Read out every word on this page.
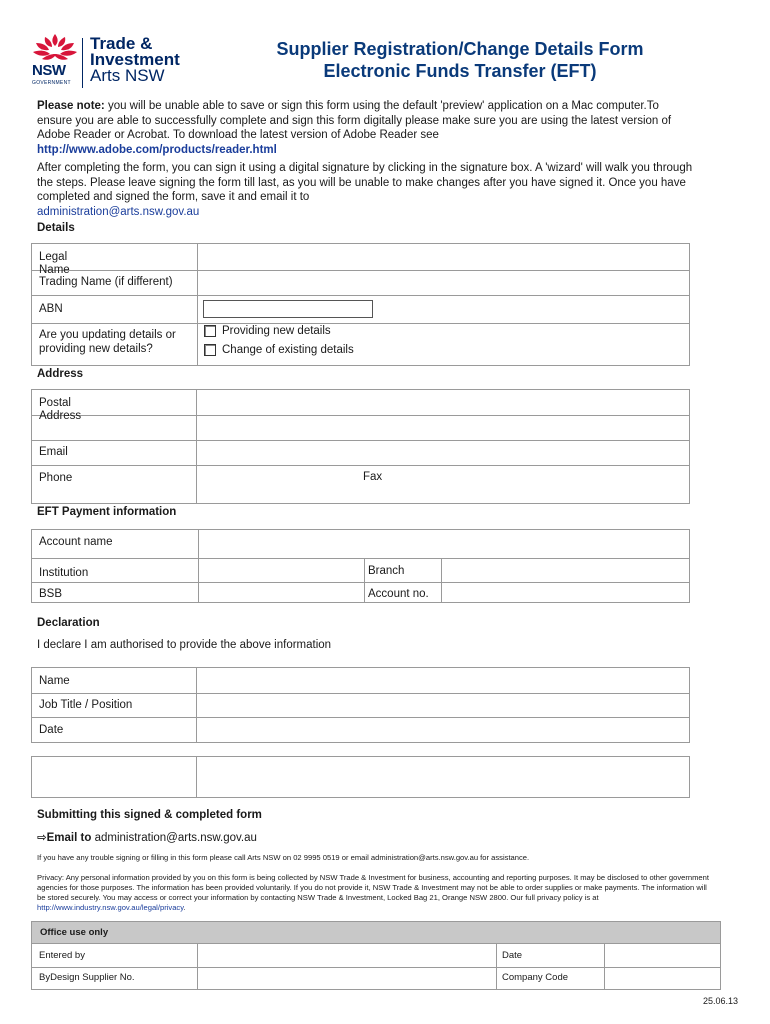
NSW
GOVERNMENT
Trade &
Investment
Arts NSW
Supplier Registration/Change Details Form
Electronic Funds Transfer (EFT)
Please note: you will be unable able to save or sign this form using the default 'preview' application on a Mac computer.To ensure you are able to successfully complete and sign this form digitally please make sure you are using the latest version of Adobe Reader or Acrobat. To download the latest version of Adobe Reader see
http://www.adobe.com/products/reader.html
After completing the form, you can sign it using a digital signature by clicking in the signature box. A 'wizard' will walk you through the steps. Please leave signing the form till last, as you will be unable to make changes after you have signed it. Once you have completed and signed the form, save it and email it to
administration@arts.nsw.gov.au
Details
Legal Name
Trading Name (if different)
ABN
Are you updating details or providing new details?
Providing new details
Change of existing details
Address
Postal Address
Email
Phone	Fax
EFT Payment information
Account name
Institution	Branch
BSB	Account no.
Declaration
I declare I am authorised to provide the above information
Name
Job Title / Position
Date
Submitting this signed & completed form
⇨Email to administration@arts.nsw.gov.au
If you have any trouble signing or filling in this form please call Arts NSW on 02 9995 0519 or email administration@arts.nsw.gov.au for assistance.
Privacy: Any personal information provided by you on this form is being collected by NSW Trade & Investment for business, accounting and reporting purposes. It may be disclosed to other government agencies for those purposes. The information has been provided voluntarily. If you do not provide it, NSW Trade & Investment may not be able to order supplies or make payments. The information will be stored securely. You may access or correct your information by contacting NSW Trade & Investment, Locked Bag 21, Orange NSW 2800. Our full privacy policy is at http://www.industry.nsw.gov.au/legal/privacy.
Office use only
Entered by	Date
ByDesign Supplier No.	Company Code
25.06.13
